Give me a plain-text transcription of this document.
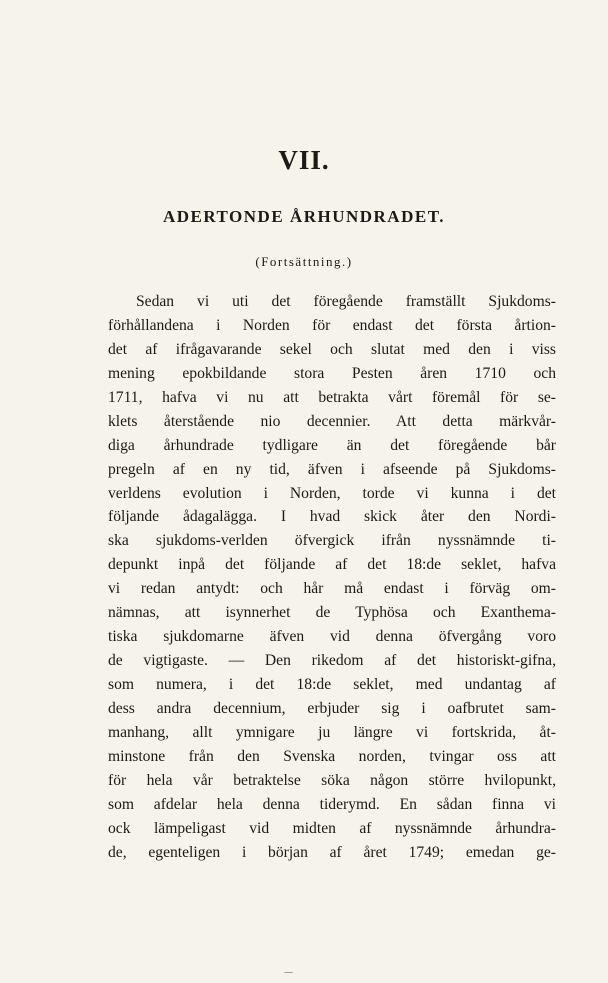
VII.
ADERTONDE ÅRHUNDRADET.

(Fortsättning.)

Sedan vi uti det föregående framställt Sjukdoms-
förhållandena i Norden för endast det första årtion-
det af ifrågavarande sekel och slutat med den i viss
mening epokbildande stora Pesten åren 1710 och
1711, hafva vi nu att betrakta vårt föremål för se-
klets återstående nio decennier. Att detta märkvår-
diga århundrade tydligare än det föregående bår
pregeln af en ny tid, äfven i afseende på Sjukdoms-
verldens evolution i Norden, torde vi kunna i det
följande ådagalägga. I hvad skick åter den Nordi-
ska sjukdoms-verlden öfvergick ifrån nyssnämnde ti-
depunkt inpå det följande af det 18:de seklet, hafva
vi redan antydt: och hår må endast i förväg om-
nämnas, att isynnerhet de Typhösa och Exanthema-
tiska sjukdomarne äfven vid denna öfvergång voro
de vigtigaste. — Den rikedom af det historiskt-gifna,
som numera, i det 18:de seklet, med undantag af
dess andra decennium, erbjuder sig i oafbrutet sam-
manhang, allt ymnigare ju längre vi fortskrida, åt-
minstone från den Svenska norden, tvingar oss att
för hela vår betraktelse söka någon större hvilopunkt,
som afdelar hela denna tiderymd. En sådan finna vi
ock lämpeligast vid midten af nyssnämnde århundra-
de, egenteligen i början af året 1749; emedan ge-

—
